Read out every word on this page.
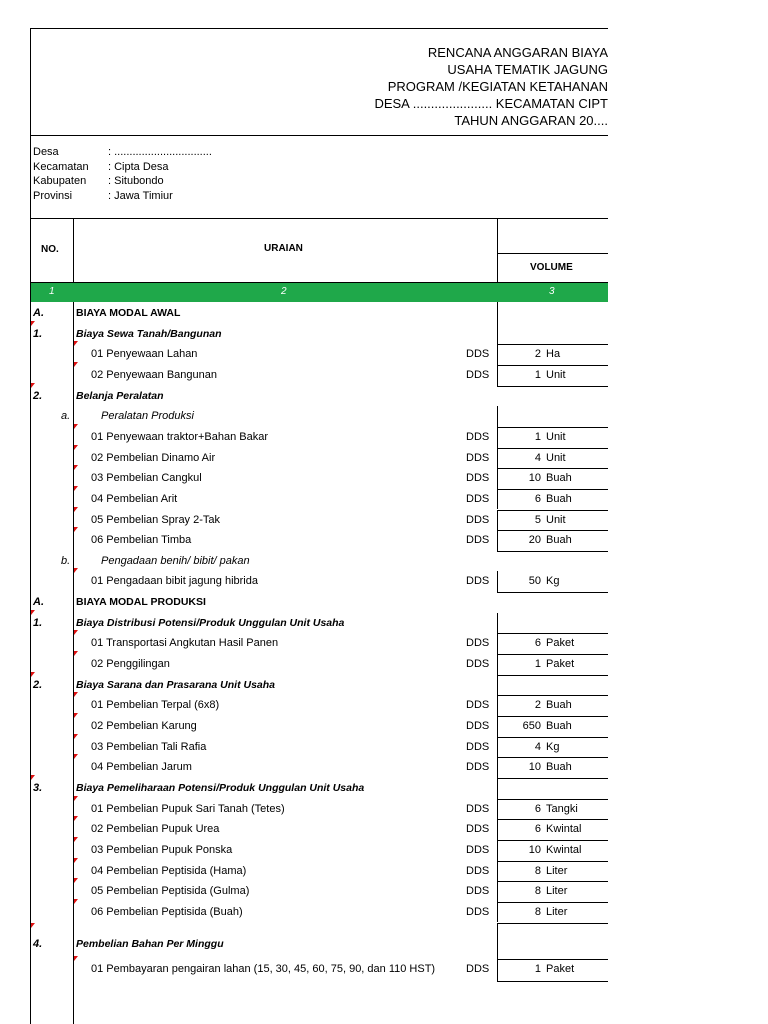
RENCANA ANGGARAN BIAYA
USAHA TEMATIK JAGUNG
PROGRAM /KEGIATAN KETAHANAN
DESA ...................... KECAMATAN CIPT
TAHUN ANGGARAN 20....
Desa	: ................................
Kecamatan	: Cipta Desa
Kabupaten	: Situbondo
Provinsi	: Jawa Timiur
NO.	URAIAN
VOLUME
1	2	3
A.	BIAYA MODAL AWAL
1.	Biaya Sewa Tanah/Bangunan
01 Penyewaan Lahan	DDS	2 Ha
02 Penyewaan Bangunan	DDS	1 Unit
2.	Belanja Peralatan
a.	Peralatan Produksi
01 Penyewaan traktor+Bahan Bakar	DDS	1 Unit
02 Pembelian Dinamo Air	DDS	4 Unit
03 Pembelian Cangkul	DDS	10 Buah
04 Pembelian Arit	DDS	6 Buah
05 Pembelian Spray 2-Tak	DDS	5 Unit
06 Pembelian Timba	DDS	20 Buah
b.	Pengadaan benih/ bibit/ pakan
01 Pengadaan bibit jagung hibrida	DDS	50 Kg
A.	BIAYA MODAL PRODUKSI
1.	Biaya Distribusi Potensi/Produk Unggulan Unit Usaha
01 Transportasi Angkutan Hasil Panen	DDS	6 Paket
02 Penggilingan	DDS	1 Paket
2.	Biaya Sarana dan Prasarana Unit Usaha
01 Pembelian Terpal (6x8)	DDS	2 Buah
02 Pembelian Karung	DDS	650 Buah
03 Pembelian Tali Rafia	DDS	4 Kg
04 Pembelian Jarum	DDS	10 Buah
3.	Biaya Pemeliharaan Potensi/Produk Unggulan Unit Usaha
01 Pembelian Pupuk Sari Tanah (Tetes)	DDS	6 Tangki
02 Pembelian Pupuk Urea	DDS	6 Kwintal
03 Pembelian Pupuk Ponska	DDS	10 Kwintal
04 Pembelian Peptisida (Hama)	DDS	8 Liter
05 Pembelian Peptisida (Gulma)	DDS	8 Liter
06 Pembelian Peptisida (Buah)	DDS	8 Liter
4.	Pembelian Bahan Per Minggu
01 Pembayaran pengairan lahan (15, 30, 45, 60, 75, 90, dan 110 HST)	DDS	1 Paket
